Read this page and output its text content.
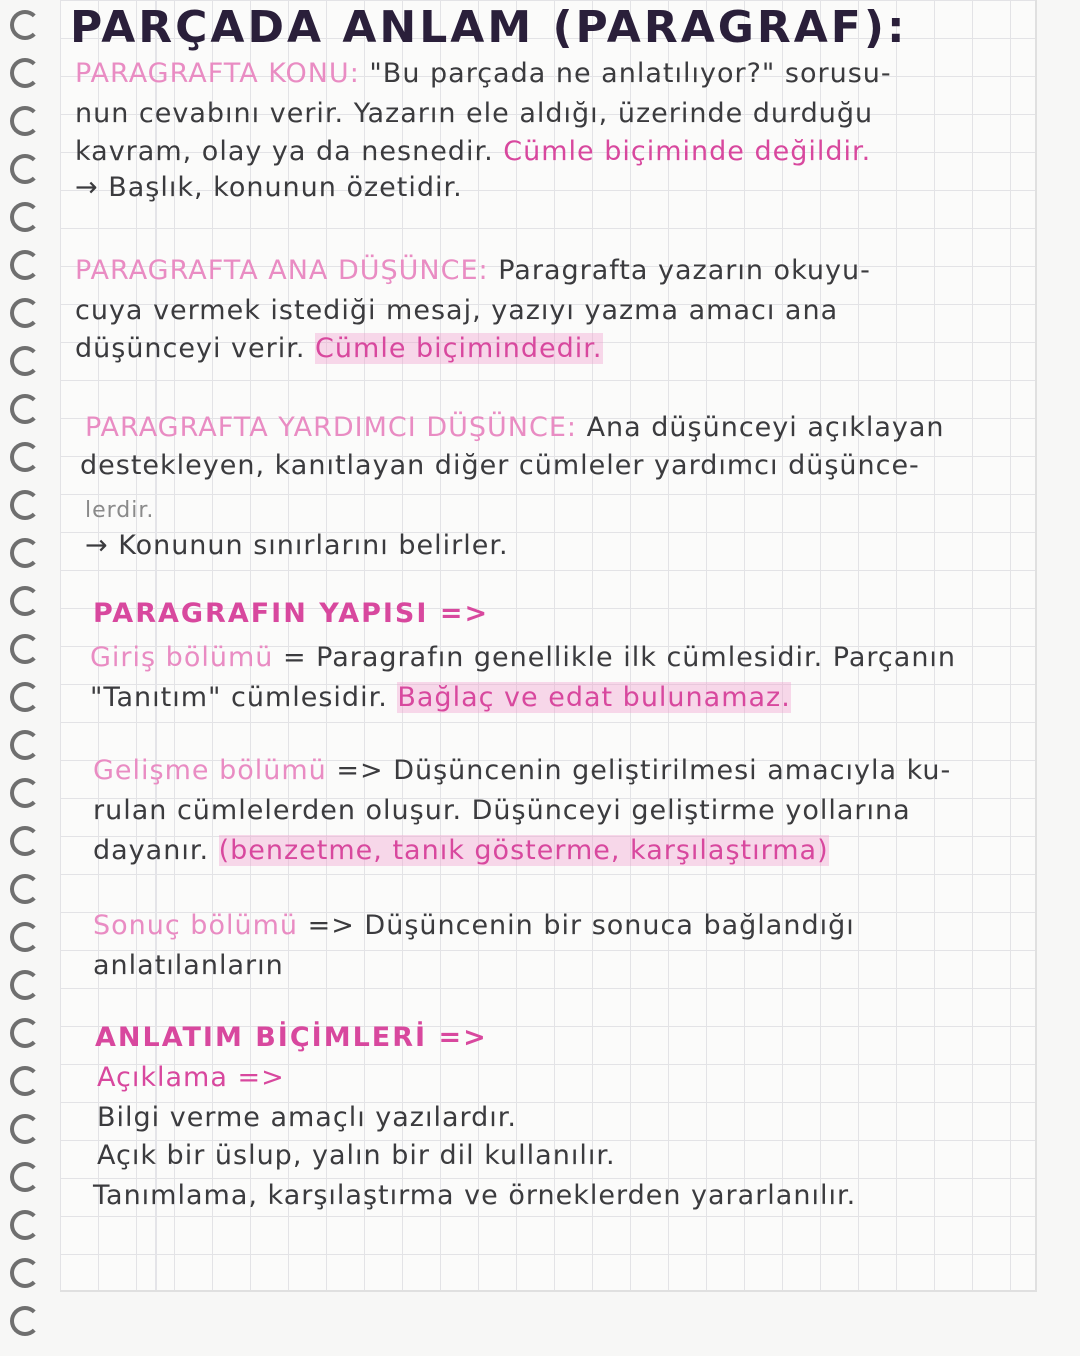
PARÇADA ANLAM (PARAGRAF):
PARAGRAFTA KONU: "Bu parçada ne anlatılıyor?" sorusu-
nun cevabını verir. Yazarın ele aldığı, üzerinde durduğu
kavram, olay ya da nesnedir. Cümle biçiminde değildir.
→ Başlık, konunun özetidir.
PARAGRAFTA ANA DÜŞÜNCE: Paragrafta yazarın okuyu-
cuya vermek istediği mesaj, yazıyı yazma amacı ana
düşünceyi verir. Cümle biçimindedir.
PARAGRAFTA YARDIMCI DÜŞÜNCE: Ana düşünceyi açıklayan
destekleyen, kanıtlayan diğer cümleler yardımcı düşünce-
lerdir.
→ Konunun sınırlarını belirler.
PARAGRAFIN YAPISI =>
Giriş bölümü = Paragrafın genellikle ilk cümlesidir. Parçanın
"Tanıtım" cümlesidir. Bağlaç ve edat bulunamaz.
Gelişme bölümü => Düşüncenin geliştirilmesi amacıyla ku-
rulan cümlelerden oluşur. Düşünceyi geliştirme yollarına
dayanır. (benzetme, tanık gösterme, karşılaştırma)
Sonuç bölümü => Düşüncenin bir sonuca bağlandığı
anlatılanların
ANLATIM BİÇİMLERİ =>
Açıklama =>
Bilgi verme amaçlı yazılardır.
Açık bir üslup, yalın bir dil kullanılır.
Tanımlama, karşılaştırma ve örneklerden yararlanılır.
